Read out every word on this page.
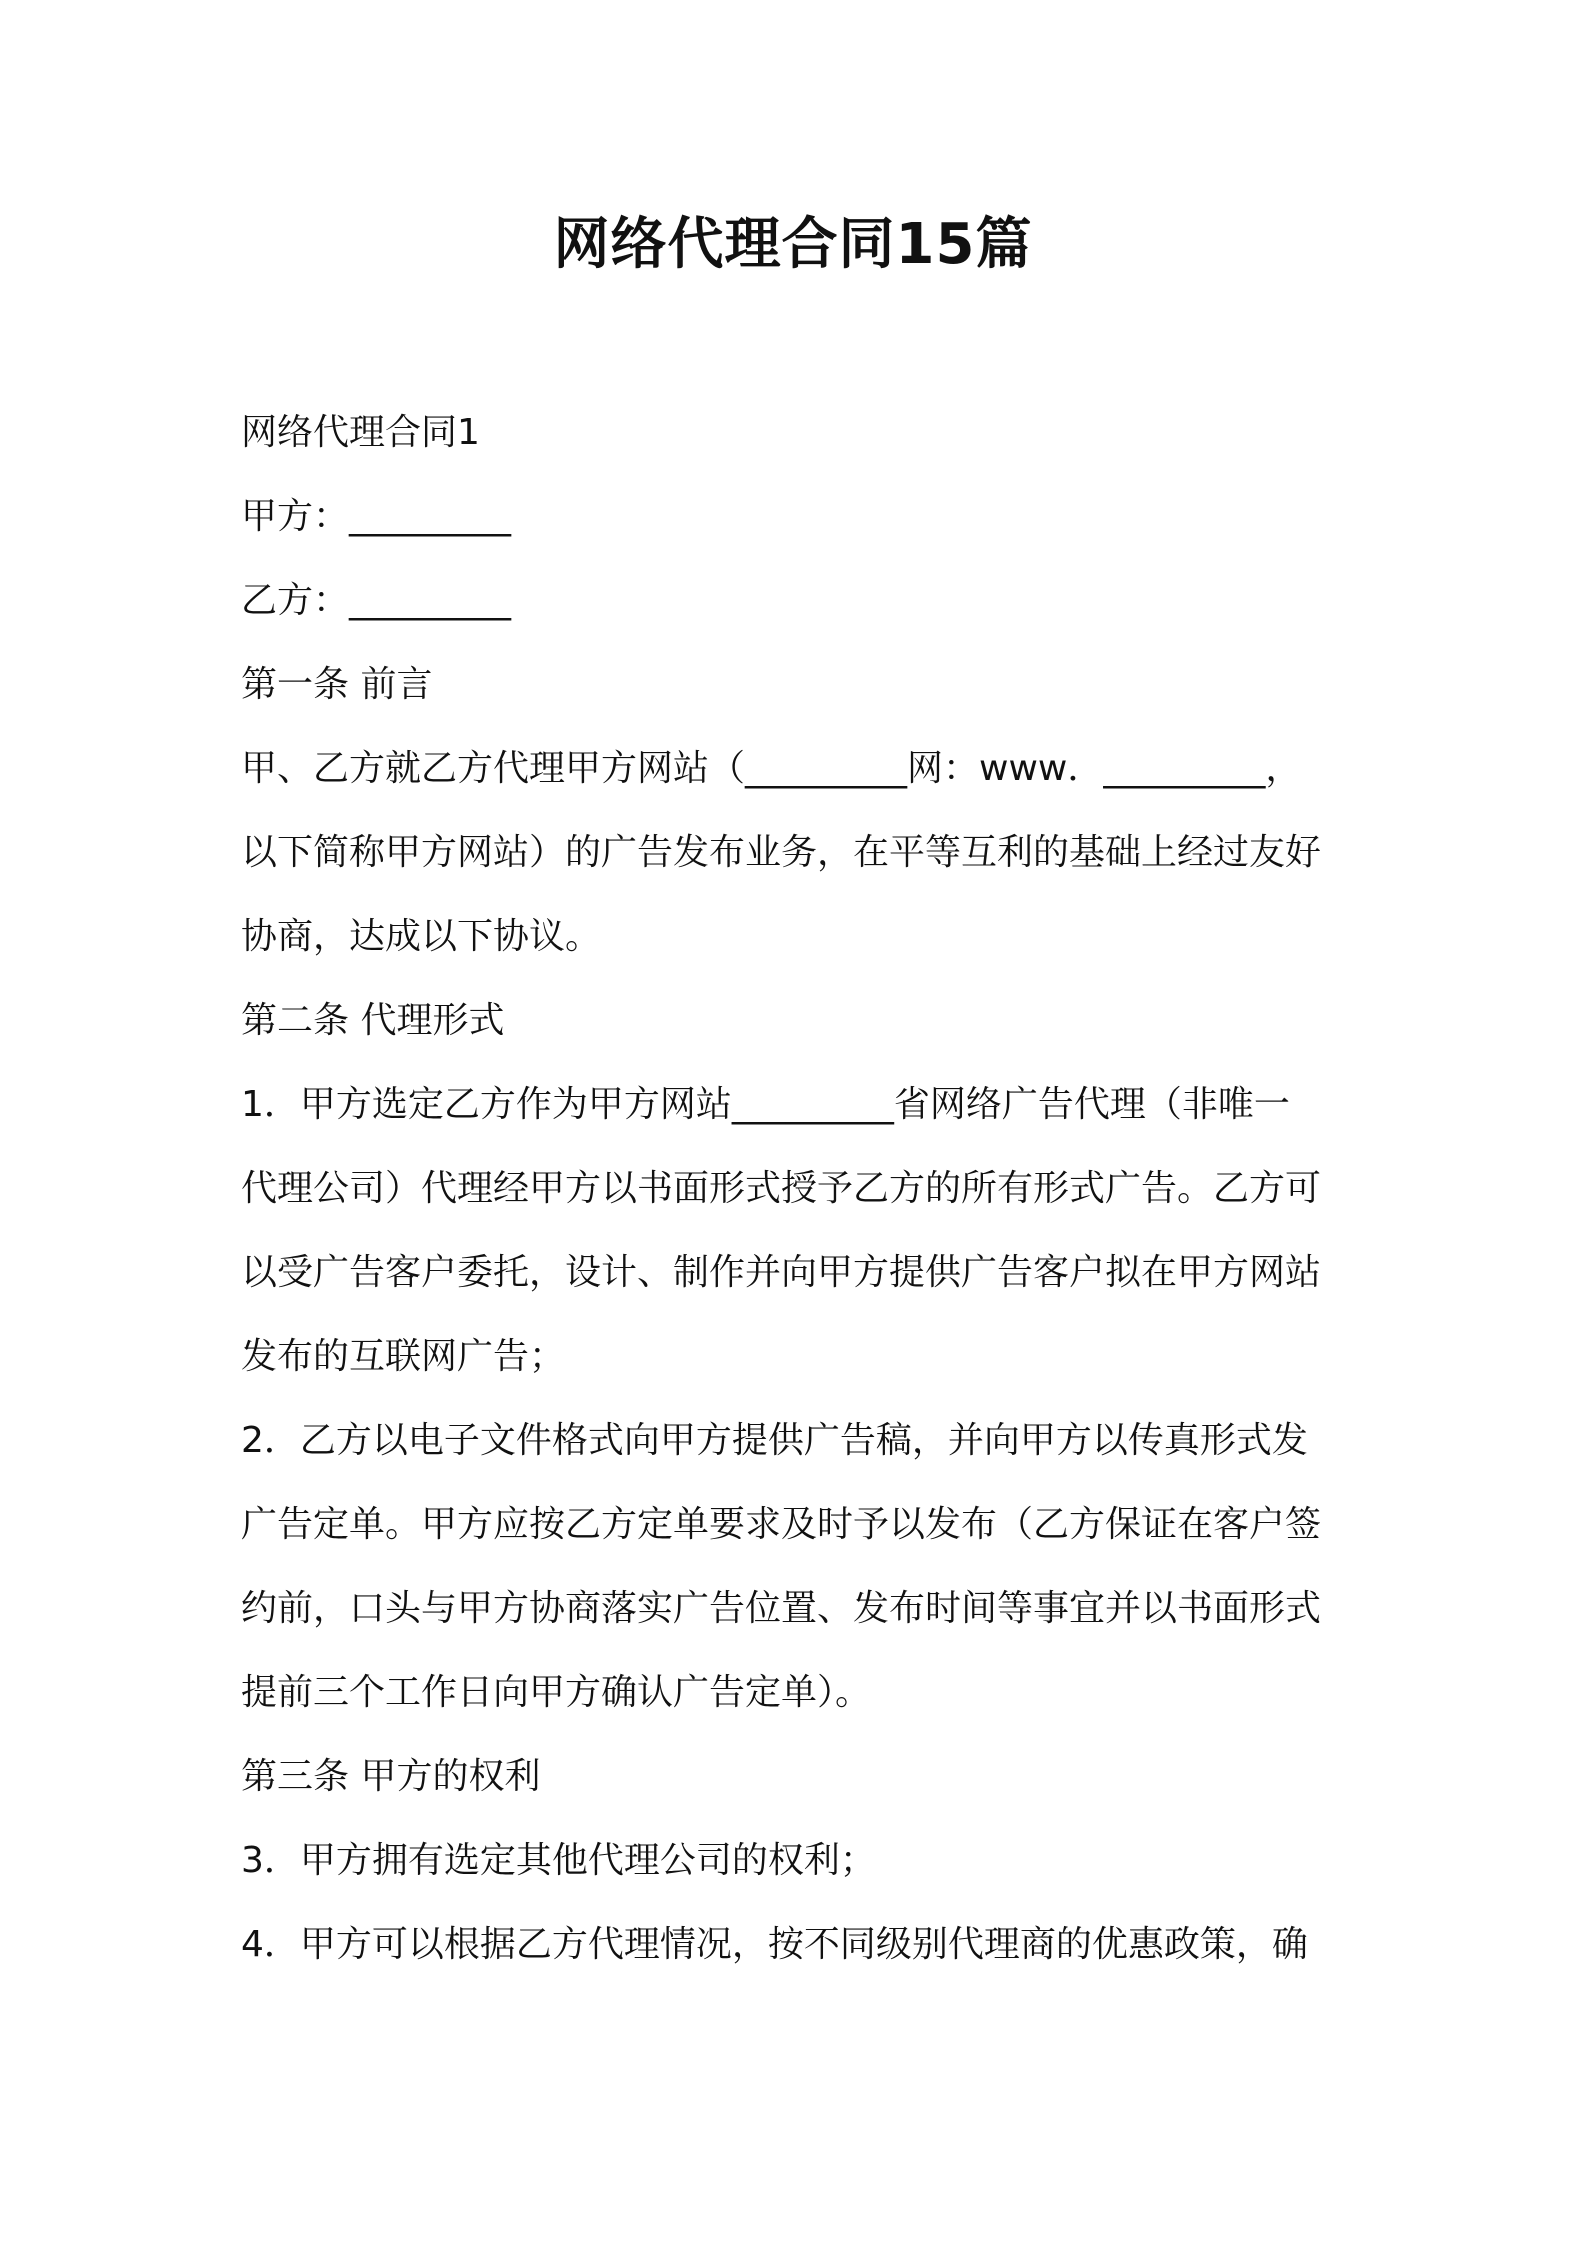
网络代理合同15篇

网络代理合同1

甲方：_________

乙方：_________

第一条 前言

甲、乙方就乙方代理甲方网站（_________网：www．_________，

以下简称甲方网站）的广告发布业务，在平等互利的基础上经过友好

协商，达成以下协议。

第二条 代理形式

1．甲方选定乙方作为甲方网站_________省网络广告代理（非唯一

代理公司）代理经甲方以书面形式授予乙方的所有形式广告。乙方可

以受广告客户委托，设计、制作并向甲方提供广告客户拟在甲方网站

发布的互联网广告；

2．乙方以电子文件格式向甲方提供广告稿，并向甲方以传真形式发

广告定单。甲方应按乙方定单要求及时予以发布（乙方保证在客户签

约前，口头与甲方协商落实广告位置、发布时间等事宜并以书面形式

提前三个工作日向甲方确认广告定单）。

第三条 甲方的权利

3．甲方拥有选定其他代理公司的权利；

4．甲方可以根据乙方代理情况，按不同级别代理商的优惠政策，确
